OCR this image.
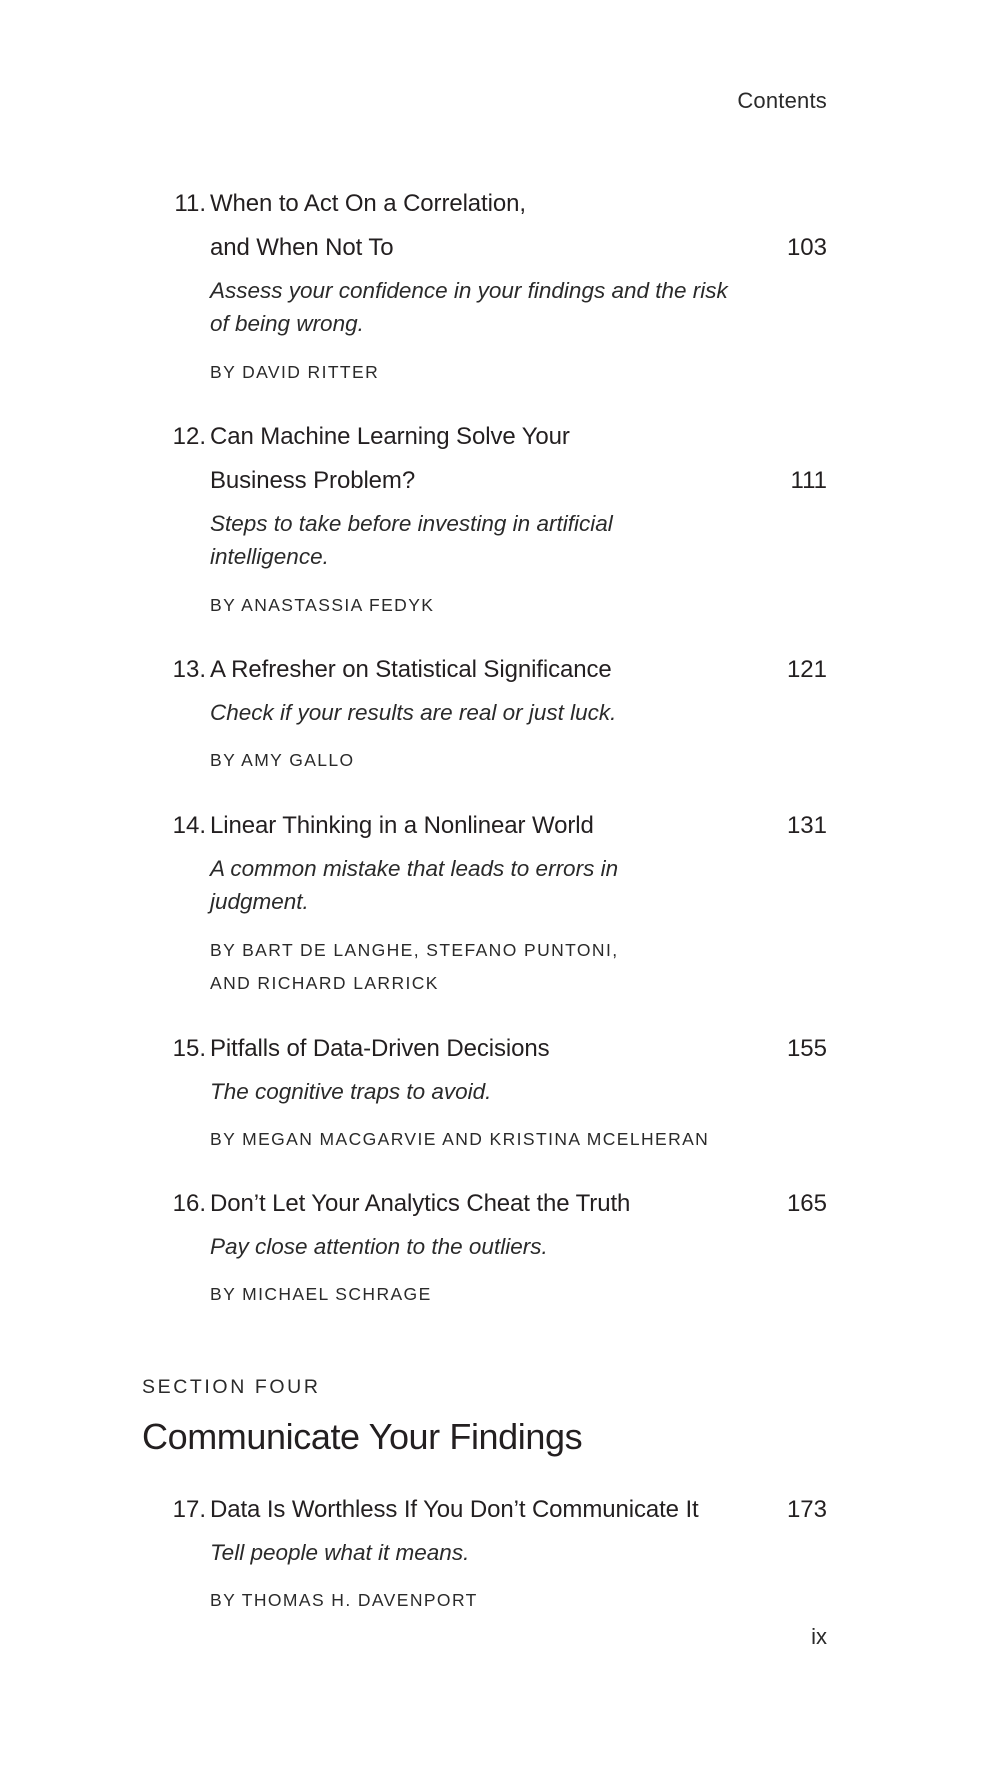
Contents
11. When to Act On a Correlation,
and When Not To	103
Assess your confidence in your findings and the risk of being wrong.
BY DAVID RITTER
12. Can Machine Learning Solve Your
Business Problem?	111
Steps to take before investing in artificial intelligence.
BY ANASTASSIA FEDYK
13. A Refresher on Statistical Significance	121
Check if your results are real or just luck.
BY AMY GALLO
14. Linear Thinking in a Nonlinear World	131
A common mistake that leads to errors in judgment.
BY BART DE LANGHE, STEFANO PUNTONI,
AND RICHARD LARRICK
15. Pitfalls of Data-Driven Decisions	155
The cognitive traps to avoid.
BY MEGAN MACGARVIE AND KRISTINA MCELHERAN
16. Don’t Let Your Analytics Cheat the Truth	165
Pay close attention to the outliers.
BY MICHAEL SCHRAGE
SECTION FOUR
Communicate Your Findings
17. Data Is Worthless If You Don’t Communicate It	173
Tell people what it means.
BY THOMAS H. DAVENPORT
ix
